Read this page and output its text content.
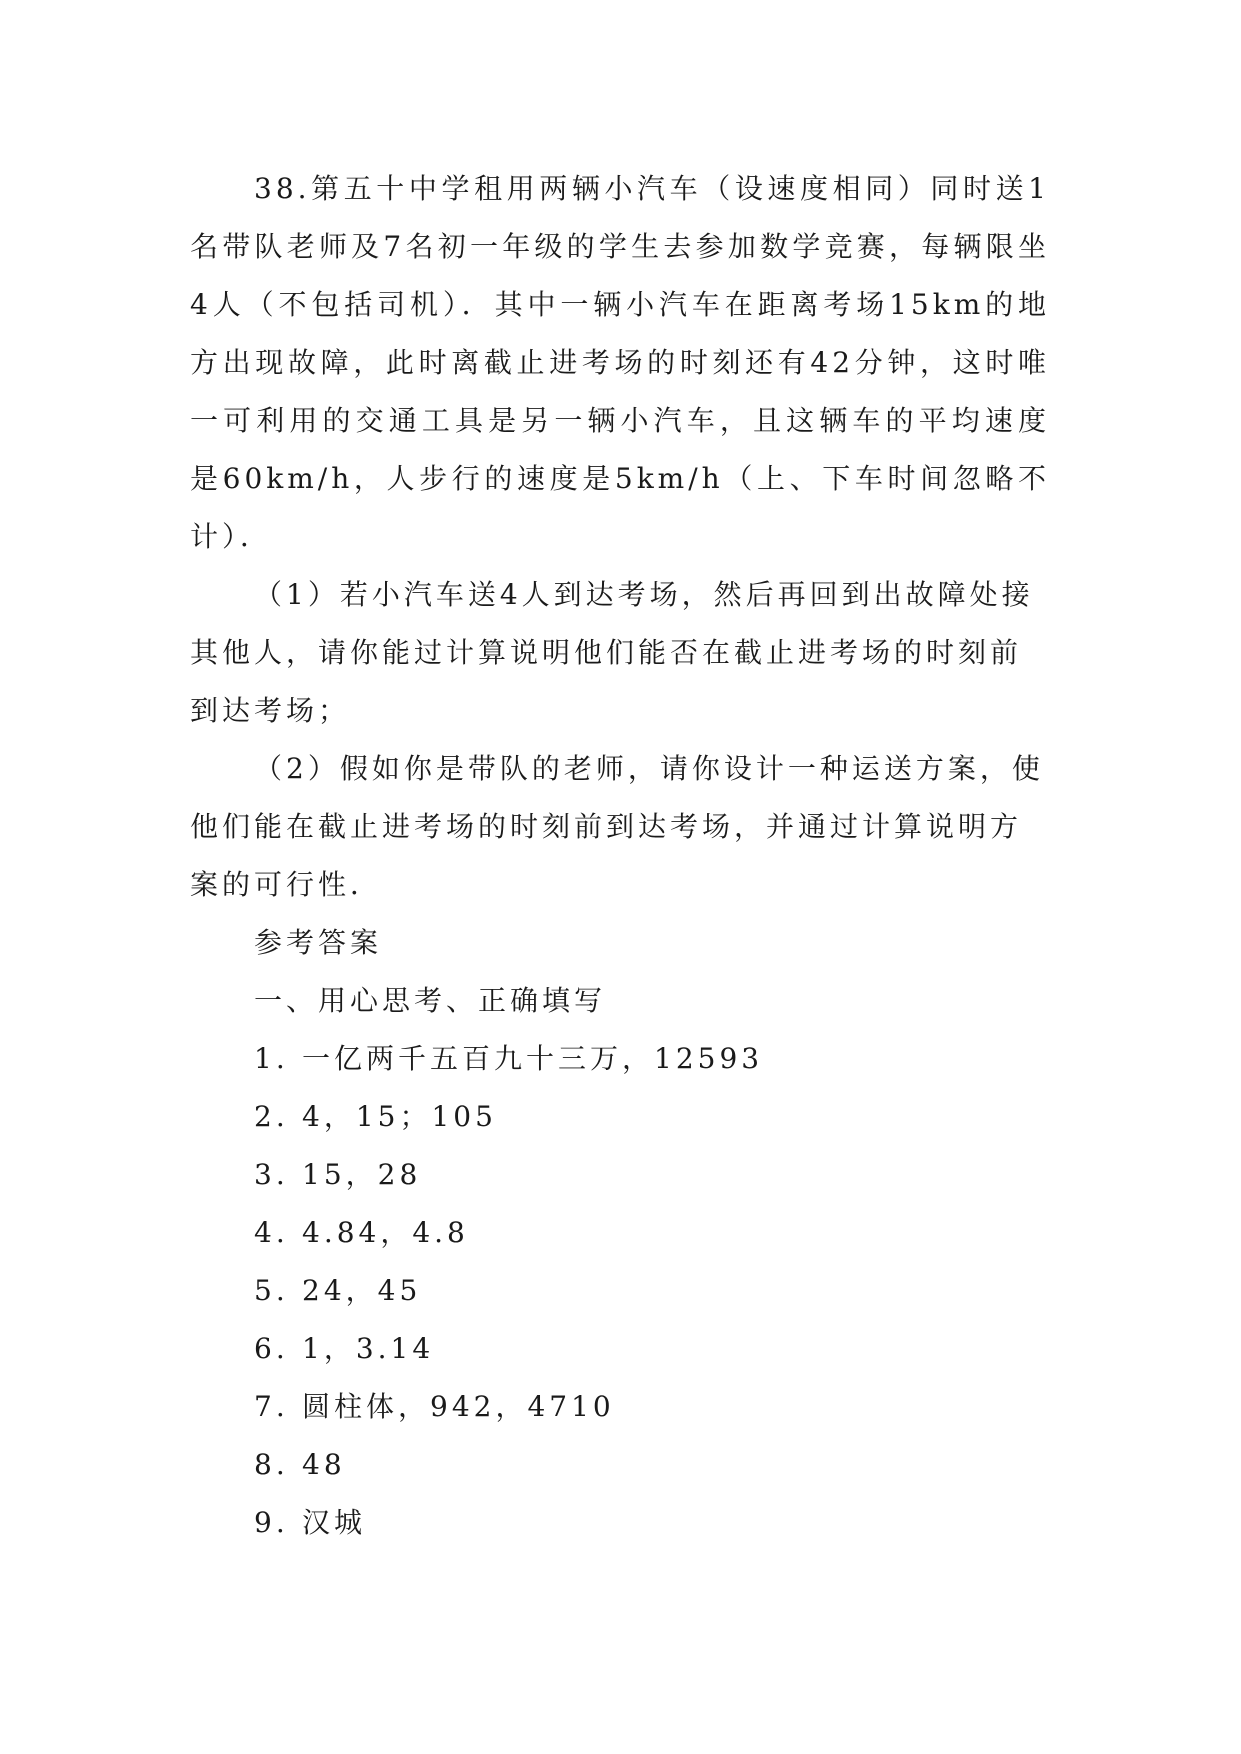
38.第五十中学租用两辆小汽车（设速度相同）同时送1名带队老师及7名初一年级的学生去参加数学竞赛，每辆限坐4人（不包括司机）．其中一辆小汽车在距离考场15km的地方出现故障，此时离截止进考场的时刻还有42分钟，这时唯一可利用的交通工具是另一辆小汽车，且这辆车的平均速度是60km/h，人步行的速度是5km/h（上、下车时间忽略不计）．

（1）若小汽车送4人到达考场，然后再回到出故障处接其他人，请你能过计算说明他们能否在截止进考场的时刻前到达考场；

（2）假如你是带队的老师，请你设计一种运送方案，使他们能在截止进考场的时刻前到达考场，并通过计算说明方案的可行性．

参考答案

一、用心思考、正确填写

1. 一亿两千五百九十三万，12593

2. 4，15；105

3. 15，28

4. 4.84，4.8

5. 24，45

6. 1，3.14

7. 圆柱体，942，4710

8. 48

9. 汉城
